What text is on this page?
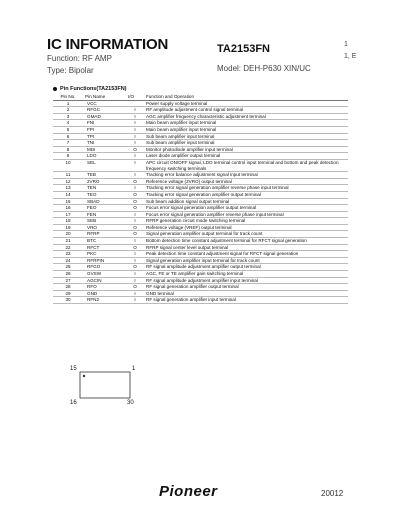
IC INFORMATION
Function: RF AMP
Type: Bipolar
TA2153FN
Model: DEH-P630 XIN/UC
1
1, E
Pin Functions(TA2153FN)
Pin No.	Pin Name	I/O	Function and Operation
1	VCC		Power supply voltage terminal
2	RFGC	I	RF amplitude adjustment control signal terminal
3	GMAD	I	AGC amplifier frequency characteristic adjustment terminal
4	FNI	I	Main beam amplifier input terminal
5	FPI	I	Main beam amplifier input terminal
6	TPI	I	Sub beam amplifier input terminal
7	TNI	I	Sub beam amplifier input terminal
8	MDI	O	Monitor photodiode amplifier input terminal
9	LDO	I	Laser diode amplifier output terminal
10	SEL	I	APC circuit ON/OFF signal, LDO terminal control input terminal and bottom and peak detection frequency switching terminals
11	TEB	I	Tracking error balance adjustment signal input terminal
12	2VRO	O	Reference voltage (2VRO) output terminal
13	TEN	I	Tracking error signal generation amplifier reverse phase input terminal
14	TEO	O	Tracking error signal generation amplifier output terminal
15	SBAD	O	Sub beam addition signal output terminal
16	FEO	O	Focus error signal generation amplifier output terminal
17	FEN	I	Focus error signal generation amplifier reverse phase input terminal
18	SEB	I	RFRP generation circuit mode switching terminal
19	VRO	O	Reference voltage (VREF) output terminal
20	RFRP	O	Signal generation amplifier output terminal for track count
21	BTC	I	Bottom detection time constant adjustment terminal for RFCT signal generation
22	RFCT	O	RFRP signal center level output terminal
23	PKC	I	Peak detection time constant adjustment signal for RFCT signal generation
24	RFRPIN	I	Signal generation amplifier input terminal for track count
25	RFGO	O	RF signal amplitude adjustment amplifier output terminal
26	GVSW	I	AGC, FE or TE amplifier gain switching terminal
27	AGCIN	I	RF signal amplitude adjustment amplifier input terminal
28	RFO	O	RF signal generation amplifier output terminal
29	GND	I	GND terminal
30	RFN2	I	RF signal generation amplifier input terminal
15	1
16	30
Pioneer	20012
